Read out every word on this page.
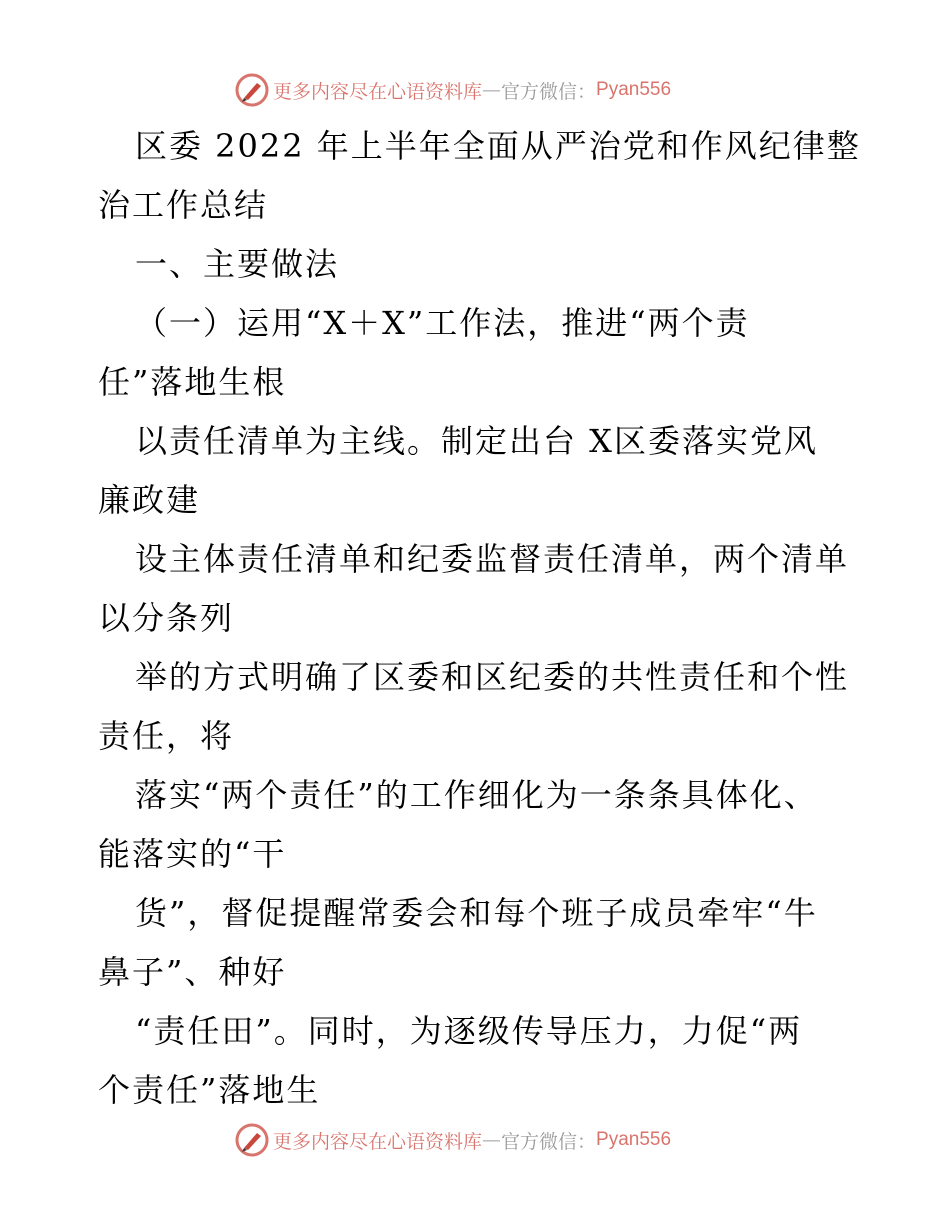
更多内容尽在心语资料库 — 官方微信： Pyan556
区委 2022 年上半年全面从严治党和作风纪律整
治工作总结
一、主要做法
（一）运用“X＋X”工作法，推进“两个责
任”落地生根
以责任清单为主线。制定出台 X区委落实党风
廉政建
设主体责任清单和纪委监督责任清单，两个清单
以分条列
举的方式明确了区委和区纪委的共性责任和个性
责任，将
落实“两个责任”的工作细化为一条条具体化、
能落实的“干
货”，督促提醒常委会和每个班子成员牵牢“牛
鼻子”、种好
“责任田”。同时，为逐级传导压力，力促“两
个责任”落地生
更多内容尽在心语资料库 — 官方微信： Pyan556
